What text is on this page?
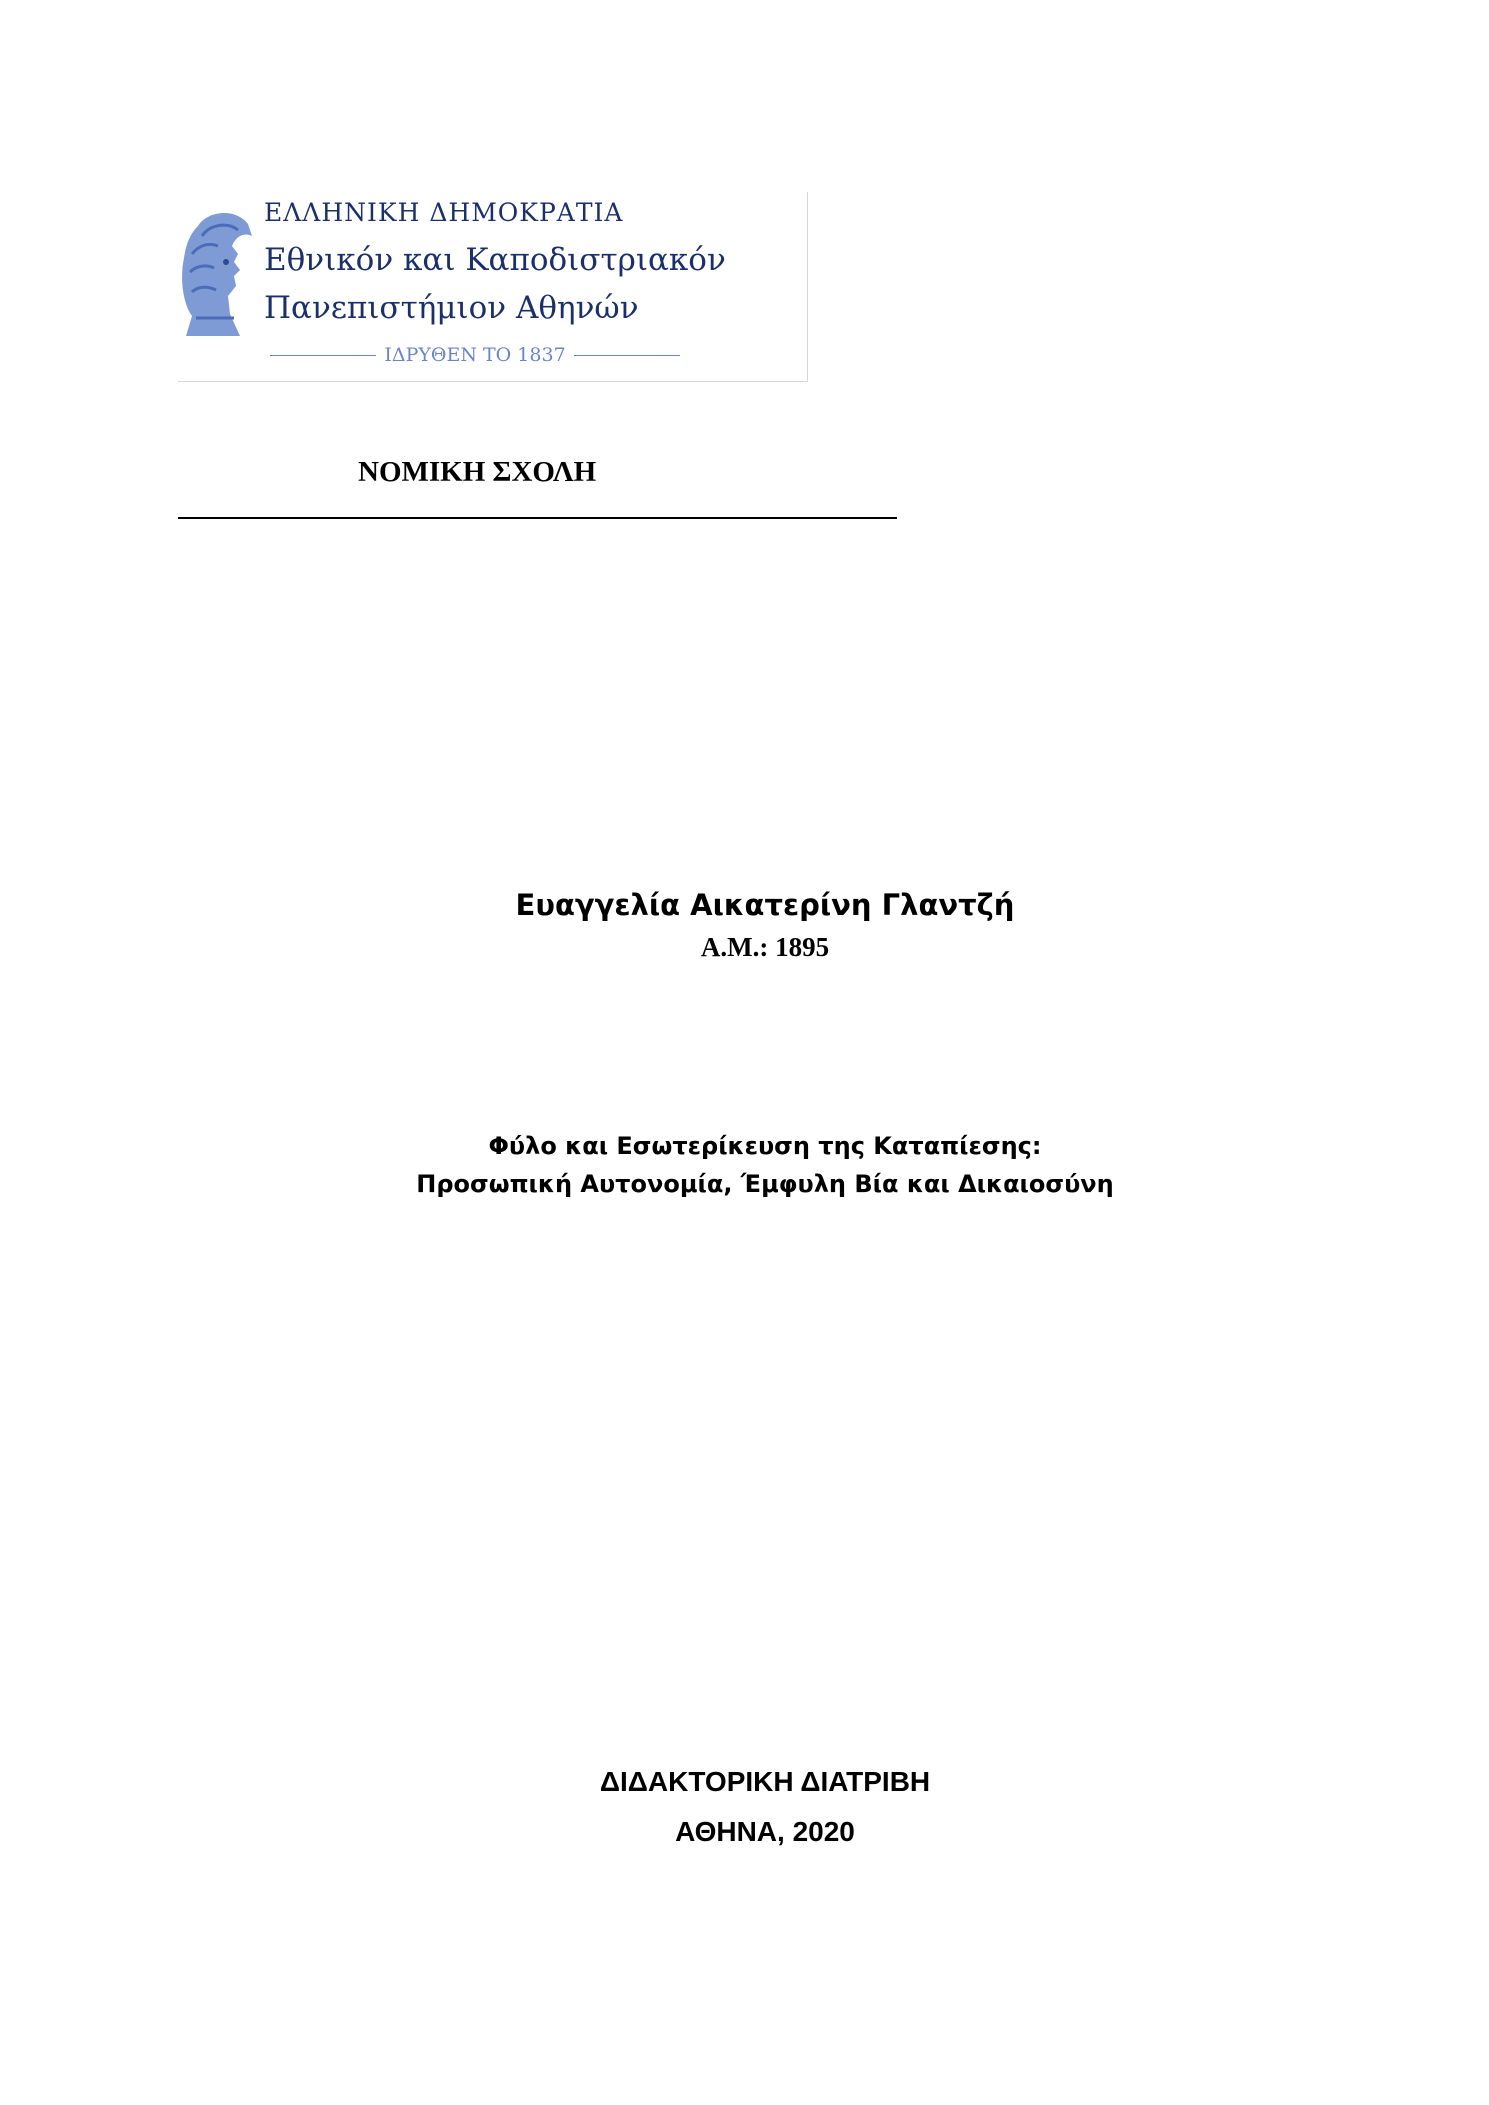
ΕΛΛΗΝΙΚΗ ΔΗΜΟΚΡΑΤΙΑ
Εθνικόν και Καποδιστριακόν
Πανεπιστήμιον Αθηνών
ΙΔΡΥΘΕΝ ΤΟ 1837
ΝΟΜΙΚΗ ΣΧΟΛΗ
Ευαγγελία Αικατερίνη Γλαντζή
Α.Μ.: 1895
Φύλο και Εσωτερίκευση της Καταπίεσης:
Προσωπική Αυτονομία, Έμφυλη Βία και Δικαιοσύνη
ΔΙΔΑΚΤΟΡΙΚΗ ΔΙΑΤΡΙΒΗ
ΑΘΗΝΑ, 2020
